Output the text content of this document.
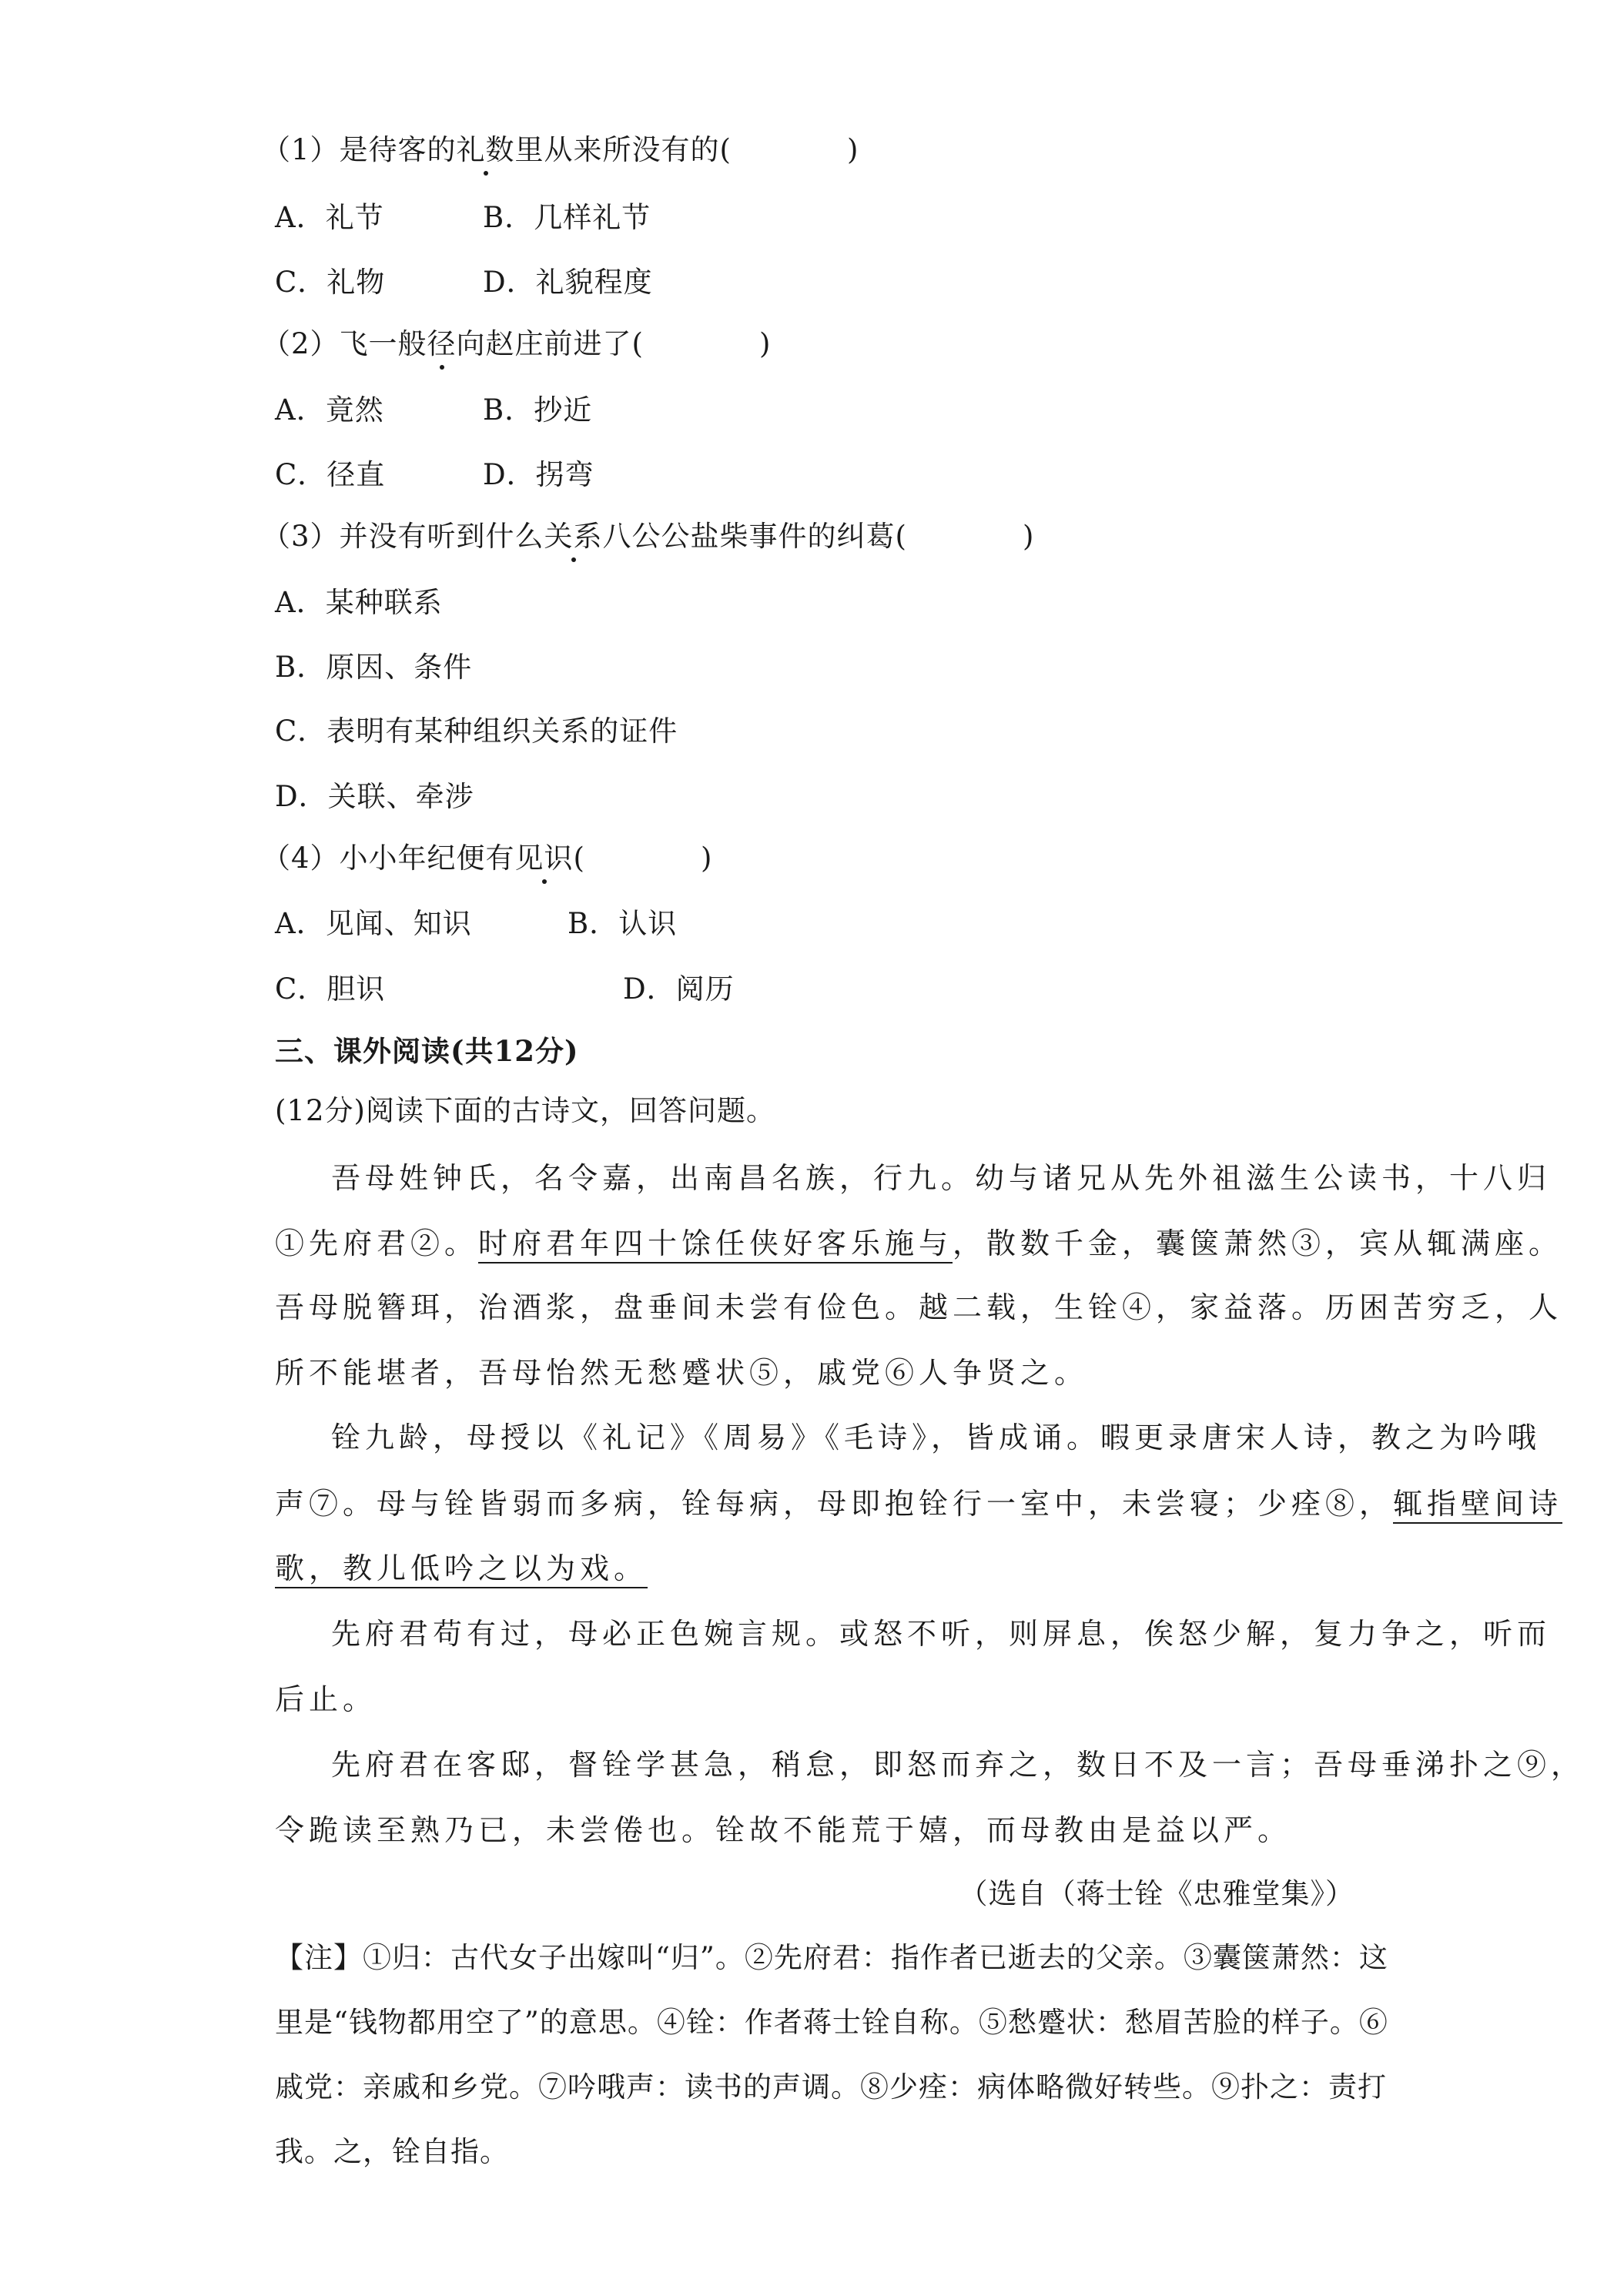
（1）是待客的礼数里从来所没有的(	)
A．礼节	B．几样礼节
C．礼物	D．礼貌程度
（2）飞一般径向赵庄前进了(	)
A．竟然	B．抄近
C．径直	D．拐弯
（3）并没有听到什么关系八公公盐柴事件的纠葛(	)
A．某种联系
B．原因、条件
C．表明有某种组织关系的证件
D．关联、牵涉
（4）小小年纪便有见识(	)
A．见闻、知识	B．认识
C．胆识	D．阅历
三、课外阅读(共12分)
(12分)阅读下面的古诗文，回答问题。
吾母姓钟氏，名令嘉，出南昌名族，行九。幼与诸兄从先外祖滋生公读书，十八归
①先府君②。时府君年四十馀任侠好客乐施与，散数千金，囊箧萧然③，宾从辄满座。
吾母脱簪珥，治酒浆，盘垂间未尝有俭色。越二载，生铨④，家益落。历困苦穷乏，人
所不能堪者，吾母怡然无愁蹙状⑤，戚党⑥人争贤之。
铨九龄，母授以《礼记》《周易》《毛诗》，皆成诵。暇更录唐宋人诗，教之为吟哦
声⑦。母与铨皆弱而多病，铨每病，母即抱铨行一室中，未尝寝；少痊⑧，辄指壁间诗
歌，教儿低吟之以为戏。
先府君苟有过，母必正色婉言规。或怒不听，则屏息，俟怒少解，复力争之，听而
后止。
先府君在客邸，督铨学甚急，稍怠，即怒而弃之，数日不及一言；吾母垂涕扑之⑨，
令跪读至熟乃已，未尝倦也。铨故不能荒于嬉，而母教由是益以严。
（选自（蒋士铨《忠雅堂集》）
【注】①归：古代女子出嫁叫“归”。②先府君：指作者已逝去的父亲。③囊箧萧然：这
里是“钱物都用空了”的意思。④铨：作者蒋士铨自称。⑤愁蹙状：愁眉苦脸的样子。⑥
戚党：亲戚和乡党。⑦吟哦声：读书的声调。⑧少痊：病体略微好转些。⑨扑之：责打
我。之，铨自指。
